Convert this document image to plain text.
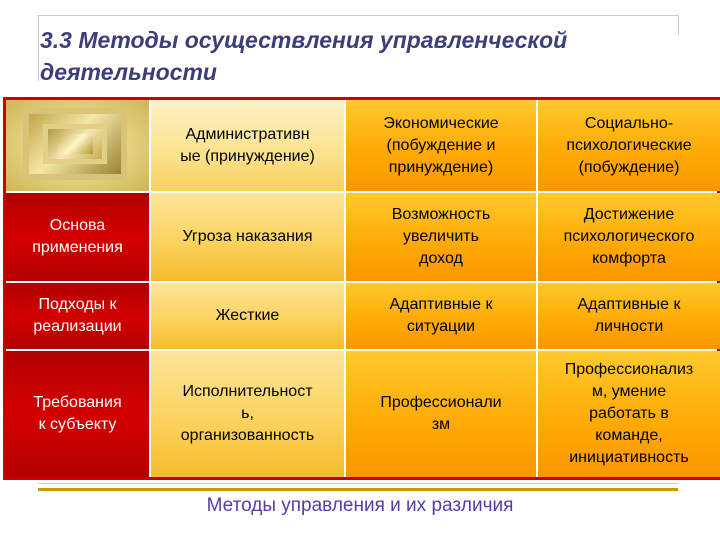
3.3 Методы осуществления управленческой
деятельности

Административн
ые (принуждение)
Экономические
(побуждение и
принуждение)
Социально-
психологические
(побуждение)
Основа
применения
Угроза наказания
Возможность
увеличить
доход
Достижение
психологического
комфорта
Подходы к
реализации
Жесткие
Адаптивные к
ситуации
Адаптивные к
личности
Требования
к субъекту
Исполнительност
ь,
организованность
Профессионали
зм
Профессионализ
м, умение
работать в
команде,
инициативность
Методы управления и их различия
